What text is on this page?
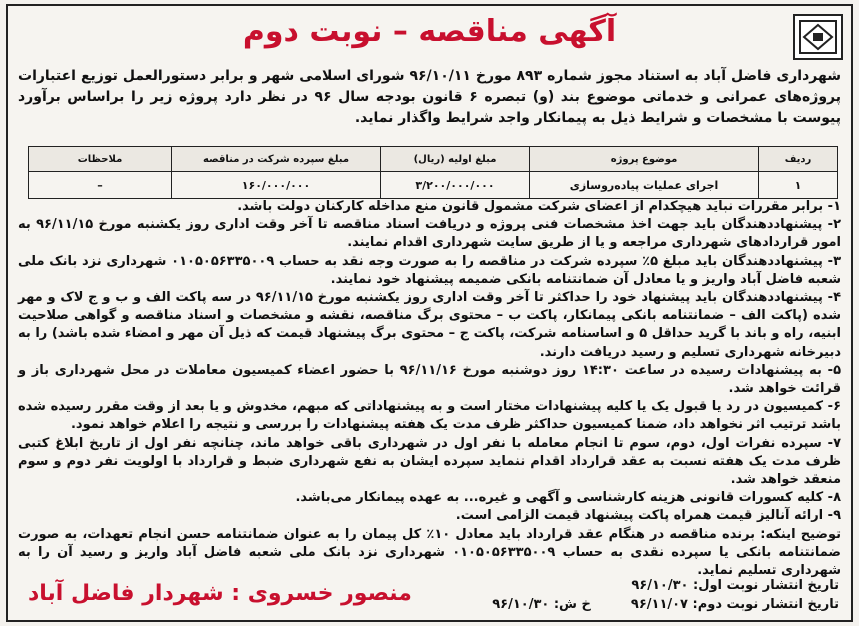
آگهی مناقصه – نوبت دوم
شهرداری فاضل آباد به استناد مجوز شماره ۸۹۳ مورخ ۹۶/۱۰/۱۱ شورای اسلامی شهر و برابر دستورالعمل توزیع اعتبارات پروژه‌های عمرانی و خدماتی موضوع بند (و) تبصره ۶ قانون بودجه سال ۹۶ در نظر دارد پروژه زیر را براساس برآورد پیوست با مشخصات و شرایط ذیل به پیمانکار واجد شرایط واگذار نماید.
ردیف	موضوع پروژه	مبلغ اولیه (ریال)	مبلغ سپرده شرکت در مناقصه	ملاحظات
۱	اجرای عملیات پیاده‌روسازی	۳/۲۰۰/۰۰۰/۰۰۰	۱۶۰/۰۰۰/۰۰۰	–

۱- برابر مقررات نباید هیچکدام از اعضای شرکت مشمول قانون منع مداخله کارکنان دولت باشد.

۲- پیشنهاددهندگان باید جهت اخذ مشخصات فنی پروژه و دریافت اسناد مناقصه تا آخر وقت اداری روز یکشنبه مورخ ۹۶/۱۱/۱۵ به امور قراردادهای شهرداری مراجعه و یا از طریق سایت شهرداری اقدام نمایند.

۳- پیشنهاددهندگان باید مبلغ ۵٪ سپرده شرکت در مناقصه را به صورت وجه نقد به حساب ۰۱۰۵۰۵۶۳۳۵۰۰۹ شهرداری نزد بانک ملی شعبه فاضل آباد واریز و یا معادل آن ضمانتنامه بانکی ضمیمه پیشنهاد خود نمایند.

۴- پیشنهاددهندگان باید پیشنهاد خود را حداکثر تا آخر وقت اداری روز یکشنبه مورخ ۹۶/۱۱/۱۵ در سه پاکت الف و ب و ج لاک و مهر شده (پاکت الف – ضمانتنامه بانکی پیمانکار، پاکت ب – محتوی برگ مناقصه، نقشه و مشخصات و اسناد مناقصه و گواهی صلاحیت ابنیه، راه و باند با گرید حداقل ۵ و اساسنامه شرکت، پاکت ج – محتوی برگ پیشنهاد قیمت که ذیل آن مهر و امضاء شده باشد) را به دبیرخانه شهرداری تسلیم و رسید دریافت دارند.

۵- به پیشنهادات رسیده در ساعت ۱۴:۳۰ روز دوشنبه مورخ ۹۶/۱۱/۱۶ با حضور اعضاء کمیسیون معاملات در محل شهرداری باز و قرائت خواهد شد.

۶- کمیسیون در رد یا قبول یک یا کلیه پیشنهادات مختار است و به پیشنهاداتی که مبهم، مخدوش و یا بعد از وقت مقرر رسیده شده باشد ترتیب اثر نخواهد داد، ضمنا کمیسیون حداکثر ظرف مدت یک هفته پیشنهادات را بررسی و نتیجه را اعلام خواهد نمود.

۷- سپرده نفرات اول، دوم، سوم تا انجام معامله با نفر اول در شهرداری باقی خواهد ماند، چنانچه نفر اول از تاریخ ابلاغ کتبی ظرف مدت یک هفته نسبت به عقد قرارداد اقدام ننماید سپرده ایشان به نفع شهرداری ضبط و قرارداد با اولویت نفر دوم و سوم منعقد خواهد شد.

۸- کلیه کسورات قانونی هزینه کارشناسی و آگهی و غیره... به عهده پیمانکار می‌باشد.

۹- ارائه آنالیز قیمت همراه پاکت پیشنهاد قیمت الزامی است.

توضیح اینکه: برنده مناقصه در هنگام عقد قرارداد باید معادل ۱۰٪ کل پیمان را به عنوان ضمانتنامه حسن انجام تعهدات، به صورت ضمانتنامه بانکی یا سپرده نقدی به حساب ۰۱۰۵۰۵۶۳۳۵۰۰۹ شهرداری نزد بانک ملی شعبه فاضل آباد واریز و رسید آن را به شهرداری تسلیم نماید.

تاریخ انتشار نوبت اول: ۹۶/۱۰/۳۰
تاریخ انتشار نوبت دوم: ۹۶/۱۱/۰۷
خ ش: ۹۶/۱۰/۳۰
منصور خسروی : شهردار فاضل آباد
